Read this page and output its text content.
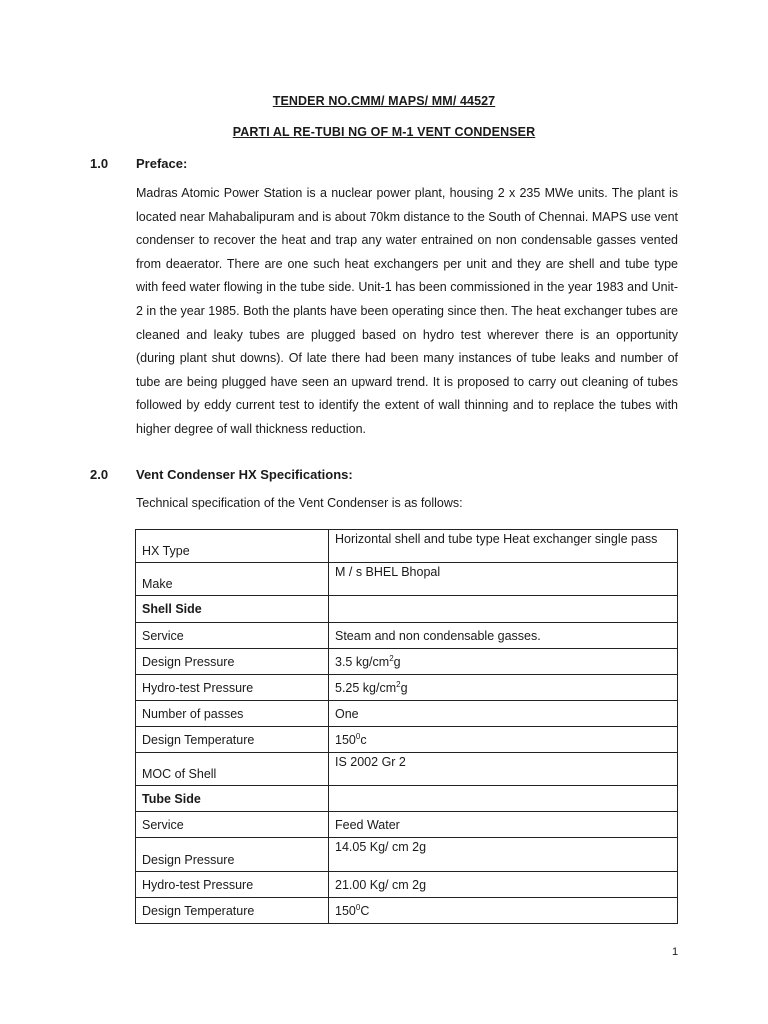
TENDER NO.CMM/ MAPS/ MM/ 44527
PARTI AL RE-TUBI NG OF M-1 VENT CONDENSER
1.0 Preface:

Madras Atomic Power Station is a nuclear power plant, housing 2 x 235 MWe units. The plant is located near Mahabalipuram and is about 70km distance to the South of Chennai. MAPS use vent condenser to recover the heat and trap any water entrained on non condensable gasses vented from deaerator. There are one such heat exchangers per unit and they are shell and tube type with feed water flowing in the tube side. Unit-1 has been commissioned in the year 1983 and Unit-2 in the year 1985. Both the plants have been operating since then. The heat exchanger tubes are cleaned and leaky tubes are plugged based on hydro test wherever there is an opportunity (during plant shut downs). Of late there had been many instances of tube leaks and number of tube are being plugged have seen an upward trend. It is proposed to carry out cleaning of tubes followed by eddy current test to identify the extent of wall thinning and to replace the tubes with higher degree of wall thickness reduction.

2.0 Vent Condenser HX Specifications:
Technical specification of the Vent Condenser is as follows:
HX Type	Horizontal shell and tube type Heat exchanger single pass
Make	M / s BHEL Bhopal
Shell Side	
Service	Steam and non condensable gasses.
Design Pressure	3.5 $kg/cm^2g$
Hydro-test Pressure	5.25 $kg/cm^2g$
Number of passes	One
Design Temperature	$150^0c$
MOC of Shell	IS 2002 Gr 2
Tube Side	
Service	Feed Water
Design Pressure	14.05 Kg/ cm 2g
Hydro-test Pressure	21.00 Kg/ cm 2g
Design Temperature	$150^0C$
1
